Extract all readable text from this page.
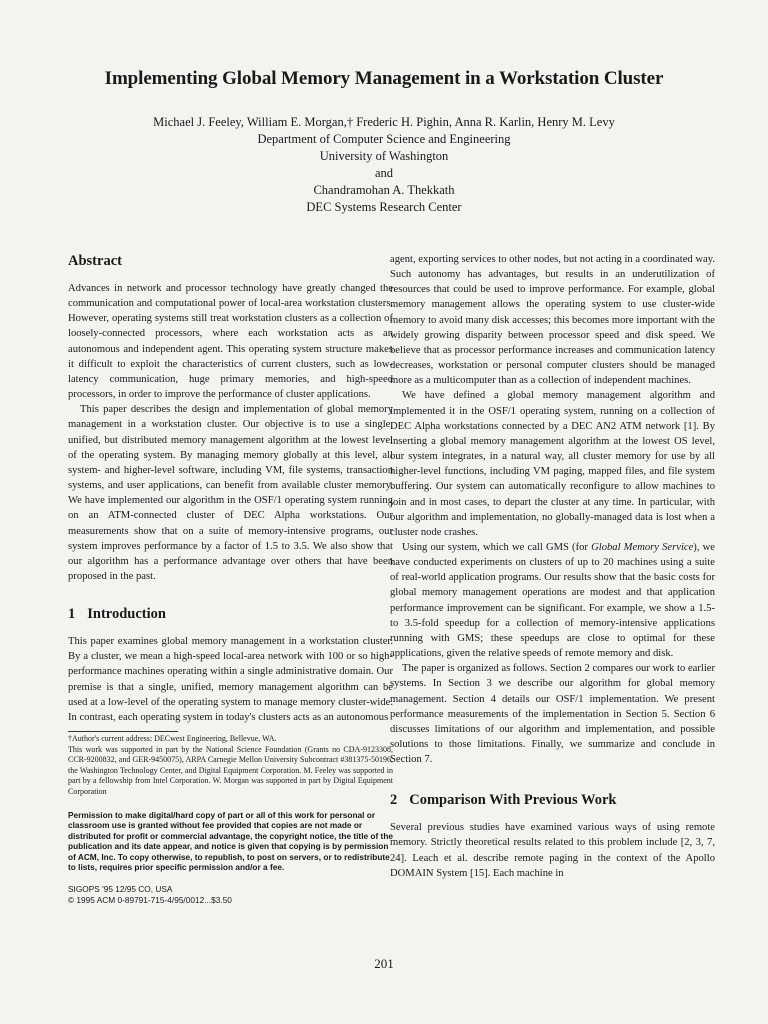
Implementing Global Memory Management in a Workstation Cluster
Michael J. Feeley, William E. Morgan,† Frederic H. Pighin, Anna R. Karlin, Henry M. Levy
Department of Computer Science and Engineering
University of Washington
and
Chandramohan A. Thekkath
DEC Systems Research Center
Abstract

Advances in network and processor technology have greatly changed the communication and computational power of local-area workstation clusters. However, operating systems still treat workstation clusters as a collection of loosely-connected processors, where each workstation acts as an autonomous and independent agent. This operating system structure makes it difficult to exploit the characteristics of current clusters, such as low-latency communication, huge primary memories, and high-speed processors, in order to improve the performance of cluster applications.

This paper describes the design and implementation of global memory management in a workstation cluster. Our objective is to use a single, unified, but distributed memory management algorithm at the lowest level of the operating system. By managing memory globally at this level, all system- and higher-level software, including VM, file systems, transaction systems, and user applications, can benefit from available cluster memory. We have implemented our algorithm in the OSF/1 operating system running on an ATM-connected cluster of DEC Alpha workstations. Our measurements show that on a suite of memory-intensive programs, our system improves performance by a factor of 1.5 to 3.5. We also show that our algorithm has a performance advantage over others that have been proposed in the past.

1 Introduction

This paper examines global memory management in a workstation cluster. By a cluster, we mean a high-speed local-area network with 100 or so high-performance machines operating within a single administrative domain. Our premise is that a single, unified, memory management algorithm can be used at a low-level of the operating system to manage memory cluster-wide. In contrast, each operating system in today's clusters acts as an autonomous

†Author's current address: DECwest Engineering, Bellevue, WA.
This work was supported in part by the National Science Foundation (Grants no CDA-9123308, CCR-9200832, and GER-9450075), ARPA Carnegie Mellon University Subcontract #381375-50196, the Washington Technology Center, and Digital Equipment Corporation. M. Feeley was supported in part by a fellowship from Intel Corporation. W. Morgan was supported in part by Digital Equipment Corporation
Permission to make digital/hard copy of part or all of this work for personal or classroom use is granted without fee provided that copies are not made or distributed for profit or commercial advantage, the copyright notice, the title of the publication and its date appear, and notice is given that copying is by permission of ACM, Inc. To copy otherwise, to republish, to post on servers, or to redistribute to lists, requires prior specific permission and/or a fee.
SIGOPS '95 12/95 CO, USA
© 1995 ACM 0-89791-715-4/95/0012...$3.50

agent, exporting services to other nodes, but not acting in a coordinated way. Such autonomy has advantages, but results in an underutilization of resources that could be used to improve performance. For example, global memory management allows the operating system to use cluster-wide memory to avoid many disk accesses; this becomes more important with the widely growing disparity between processor speed and disk speed. We believe that as processor performance increases and communication latency decreases, workstation or personal computer clusters should be managed more as a multicomputer than as a collection of independent machines.

We have defined a global memory management algorithm and implemented it in the OSF/1 operating system, running on a collection of DEC Alpha workstations connected by a DEC AN2 ATM network [1]. By inserting a global memory management algorithm at the lowest OS level, our system integrates, in a natural way, all cluster memory for use by all higher-level functions, including VM paging, mapped files, and file system buffering. Our system can automatically reconfigure to allow machines to join and in most cases, to depart the cluster at any time. In particular, with our algorithm and implementation, no globally-managed data is lost when a cluster node crashes.

Using our system, which we call GMS (for Global Memory Service), we have conducted experiments on clusters of up to 20 machines using a suite of real-world application programs. Our results show that the basic costs for global memory management operations are modest and that application performance improvement can be significant. For example, we show a 1.5- to 3.5-fold speedup for a collection of memory-intensive applications running with GMS; these speedups are close to optimal for these applications, given the relative speeds of remote memory and disk.

The paper is organized as follows. Section 2 compares our work to earlier systems. In Section 3 we describe our algorithm for global memory management. Section 4 details our OSF/1 implementation. We present performance measurements of the implementation in Section 5. Section 6 discusses limitations of our algorithm and implementation, and possible solutions to those limitations. Finally, we summarize and conclude in Section 7.

2 Comparison With Previous Work

Several previous studies have examined various ways of using remote memory. Strictly theoretical results related to this problem include [2, 3, 7, 24]. Leach et al. describe remote paging in the context of the Apollo DOMAIN System [15]. Each machine in

201
